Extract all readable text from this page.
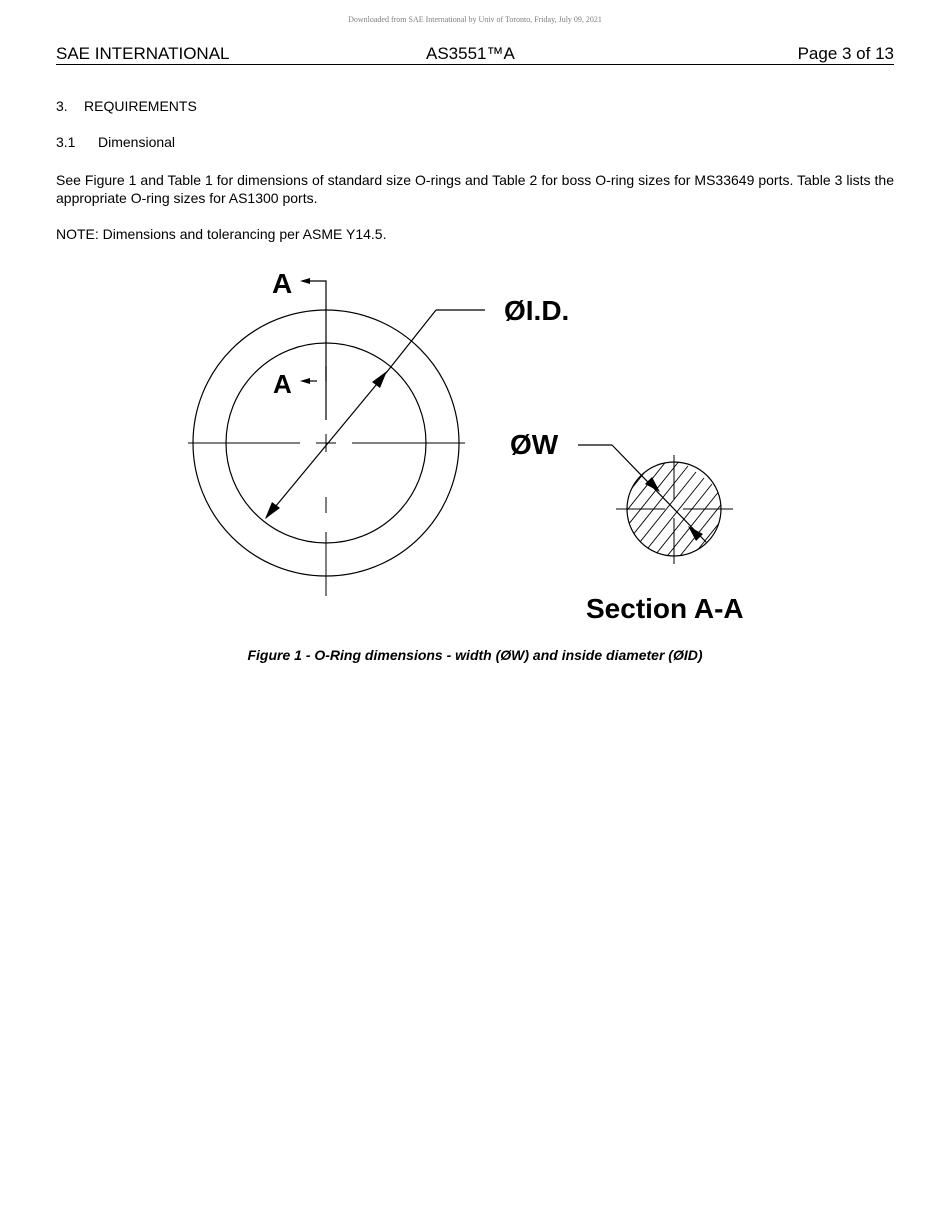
Downloaded from SAE International by Univ of Toronto, Friday, July 09, 2021
SAE INTERNATIONAL	AS3551™A	Page 3 of 13
3. REQUIREMENTS
3.1 Dimensional

See Figure 1 and Table 1 for dimensions of standard size O-rings and Table 2 for boss O-ring sizes for MS33649 ports. Table 3 lists the appropriate O-ring sizes for AS1300 ports.

NOTE: Dimensions and tolerancing per ASME Y14.5.

A
A
ØI.D.
ØW
Section A-A
Figure 1 - O-Ring dimensions - width (ØW) and inside diameter (ØID)
